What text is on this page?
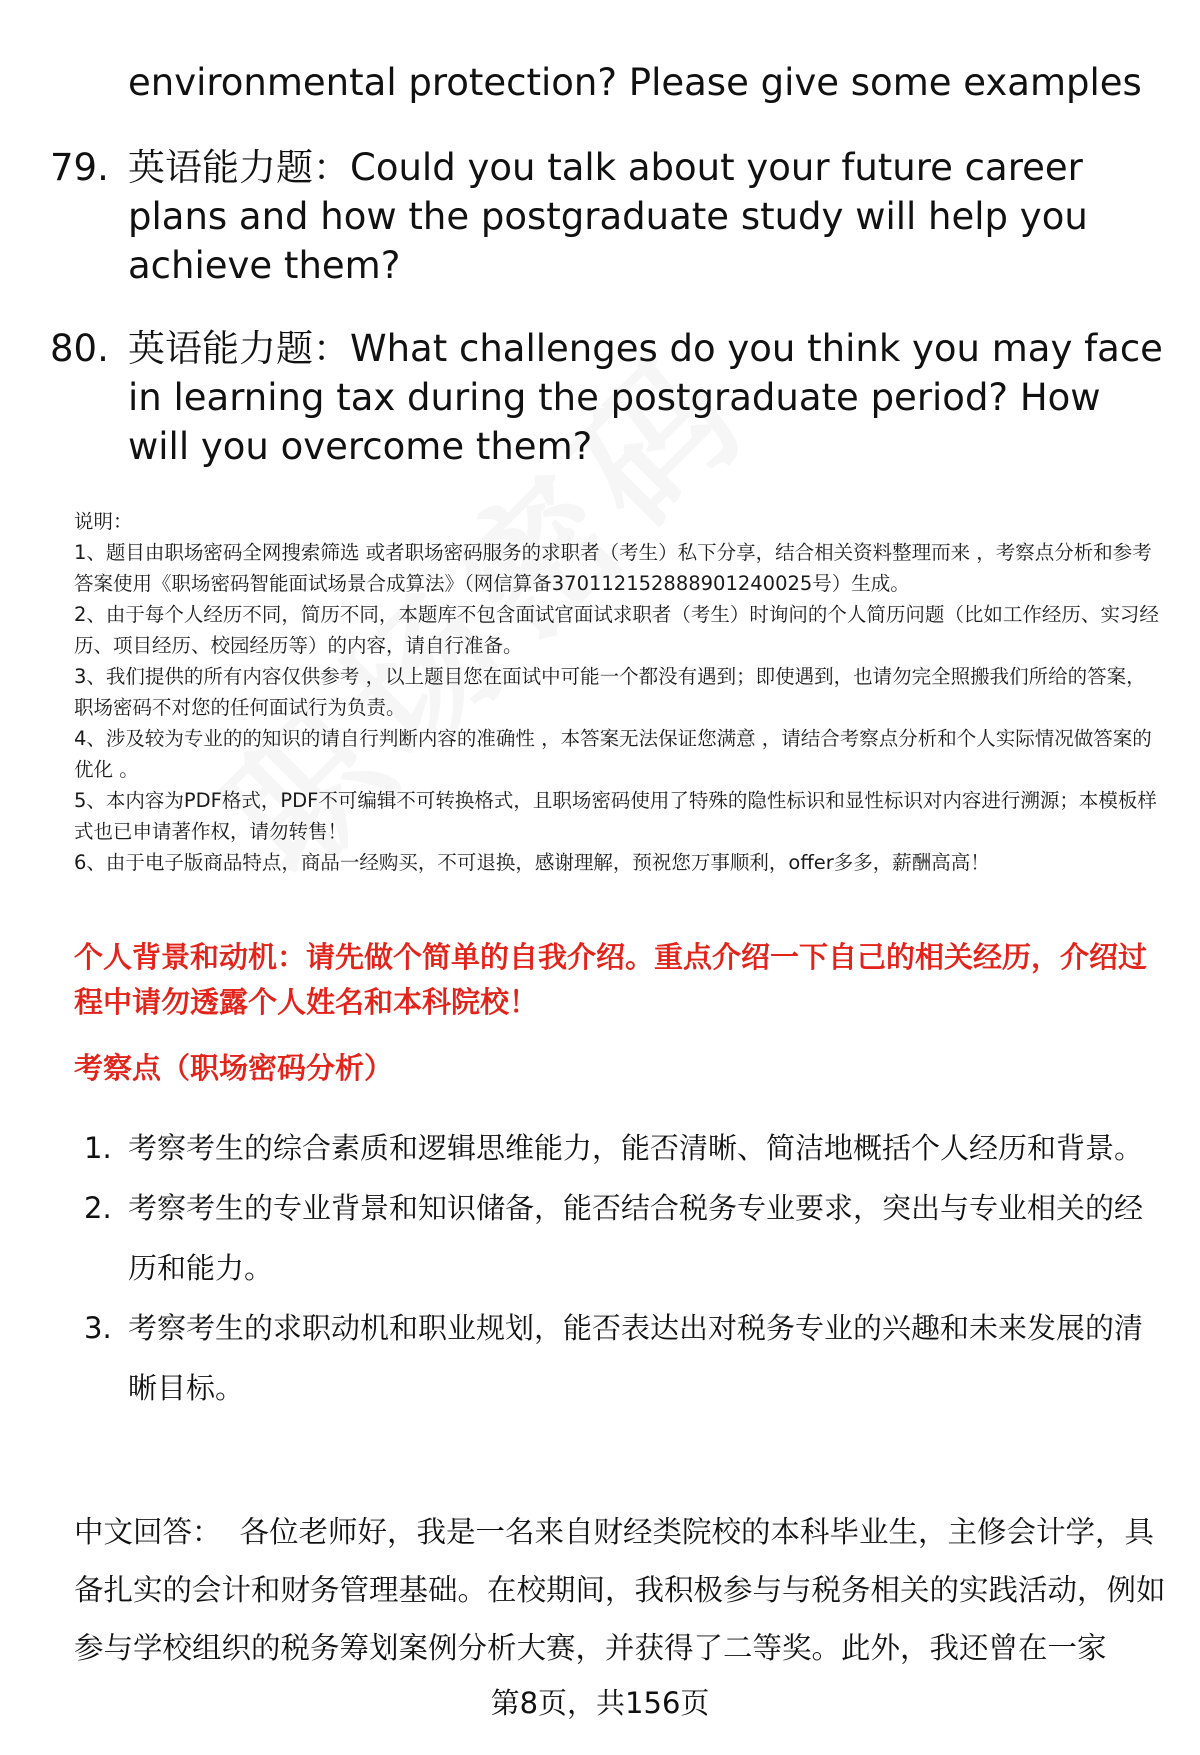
environmental protection? Please give some examples
79. 英语能力题：Could you talk about your future career plans and how the postgraduate study will help you achieve them?
80. 英语能力题：What challenges do you think you may face in learning tax during the postgraduate period? How will you overcome them?

说明：

1、题目由职场密码全网搜索筛选 或者职场密码服务的求职者（考生）私下分享，结合相关资料整理而来 ，考察点分析和参考答案使用《职场密码智能面试场景合成算法》（网信算备370112152888901240025号）生成。

2、由于每个人经历不同，简历不同，本题库不包含面试官面试求职者（考生）时询问的个人简历问题（比如工作经历、实习经历、项目经历、校园经历等）的内容，请自行准备。

3、我们提供的所有内容仅供参考 ，以上题目您在面试中可能一个都没有遇到；即使遇到，也请勿完全照搬我们所给的答案，职场密码不对您的任何面试行为负责。

4、涉及较为专业的的知识的请自行判断内容的准确性 ，本答案无法保证您满意 ，请结合考察点分析和个人实际情况做答案的优化 。

5、本内容为PDF格式，PDF不可编辑不可转换格式，且职场密码使用了特殊的隐性标识和显性标识对内容进行溯源；本模板样式也已申请著作权，请勿转售！

6、由于电子版商品特点，商品一经购买，不可退换，感谢理解，预祝您万事顺利，offer多多，薪酬高高！

个人背景和动机：请先做个简单的自我介绍。重点介绍一下自己的相关经历，介绍过程中请勿透露个人姓名和本科院校！
考察点（职场密码分析）
1. 考察考生的综合素质和逻辑思维能力，能否清晰、简洁地概括个人经历和背景。
2. 考察考生的专业背景和知识储备，能否结合税务专业要求，突出与专业相关的经历和能力。
3. 考察考生的求职动机和职业规划，能否表达出对税务专业的兴趣和未来发展的清晰目标。
中文回答： 各位老师好，我是一名来自财经类院校的本科毕业生，主修会计学，具备扎实的会计和财务管理基础。在校期间，我积极参与与税务相关的实践活动，例如参与学校组织的税务筹划案例分析大赛，并获得了二等奖。此外，我还曾在一家
第8页，共156页
